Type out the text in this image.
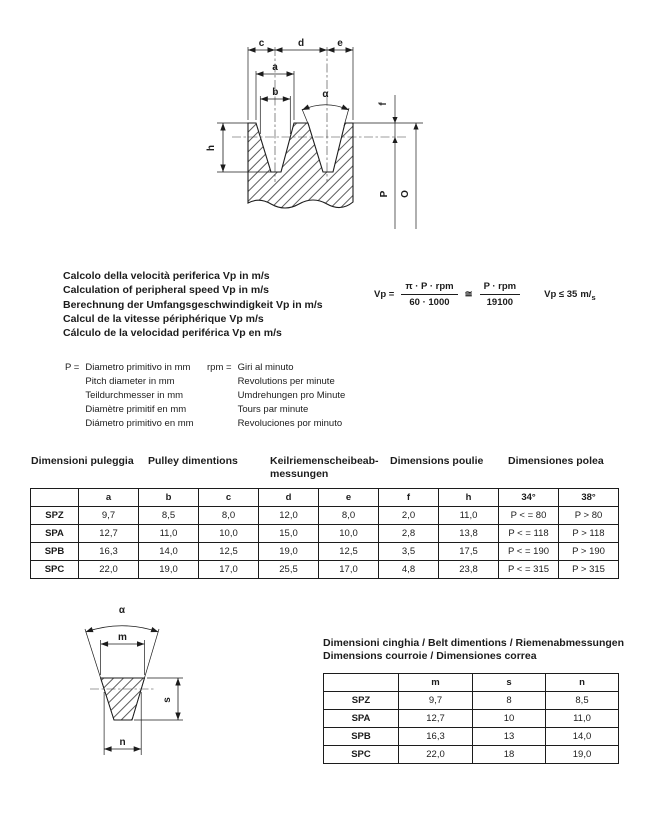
c	d	e
a
b	α
f
h
P O
Calcolo della velocità periferica Vp in m/s
Calculation of peripheral speed Vp in m/s
Berechnung der Umfangsgeschwindigkeit Vp in m/s
Calcul de la vitesse périphérique Vp m/s
Cálculo de la velocidad periférica Vp en m/s
$Vp = \frac{\text{π · P · rpm}}{60 \cdot 1000}$ ≅ $\frac{\text{P · rpm}}{19100}$	Vp ≤ 35 $m/_s$
P = Diametro primitivo in mm
Pitch diameter in mm
Teildurchmesser in mm
Diamètre primitif en mm
Diámetro primitivo en mm
rpm = Giri al minuto
Revolutions per minute
Umdrehungen pro Minute
Tours par minute
Revoluciones por minuto
Dimensioni puleggia Pulley dimentions	Keilriemenscheibeab-
messungen
Dimensions poulie Dimensiones polea
	a	b	c	d	e	f	h	34°	38°
SPZ	9,7	8,5	8,0	12,0	8,0	2,0	11,0	P < = 80	P > 80
SPA	12,7	11,0	10,0	15,0	10,0	2,8	13,8	P < = 118	P > 118
SPB	16,3	14,0	12,5	19,0	12,5	3,5	17,5	P < = 190	P > 190
SPC	22,0	19,0	17,0	25,5	17,0	4,8	23,8	P < = 315	P > 315
α
m
n
s
Dimensioni cinghia / Belt dimentions / Riemenabmessungen
Dimensions courroie / Dimensiones correa
	m	s	n
SPZ	9,7	8	8,5
SPA	12,7	10	11,0
SPB	16,3	13	14,0
SPC	22,0	18	19,0
